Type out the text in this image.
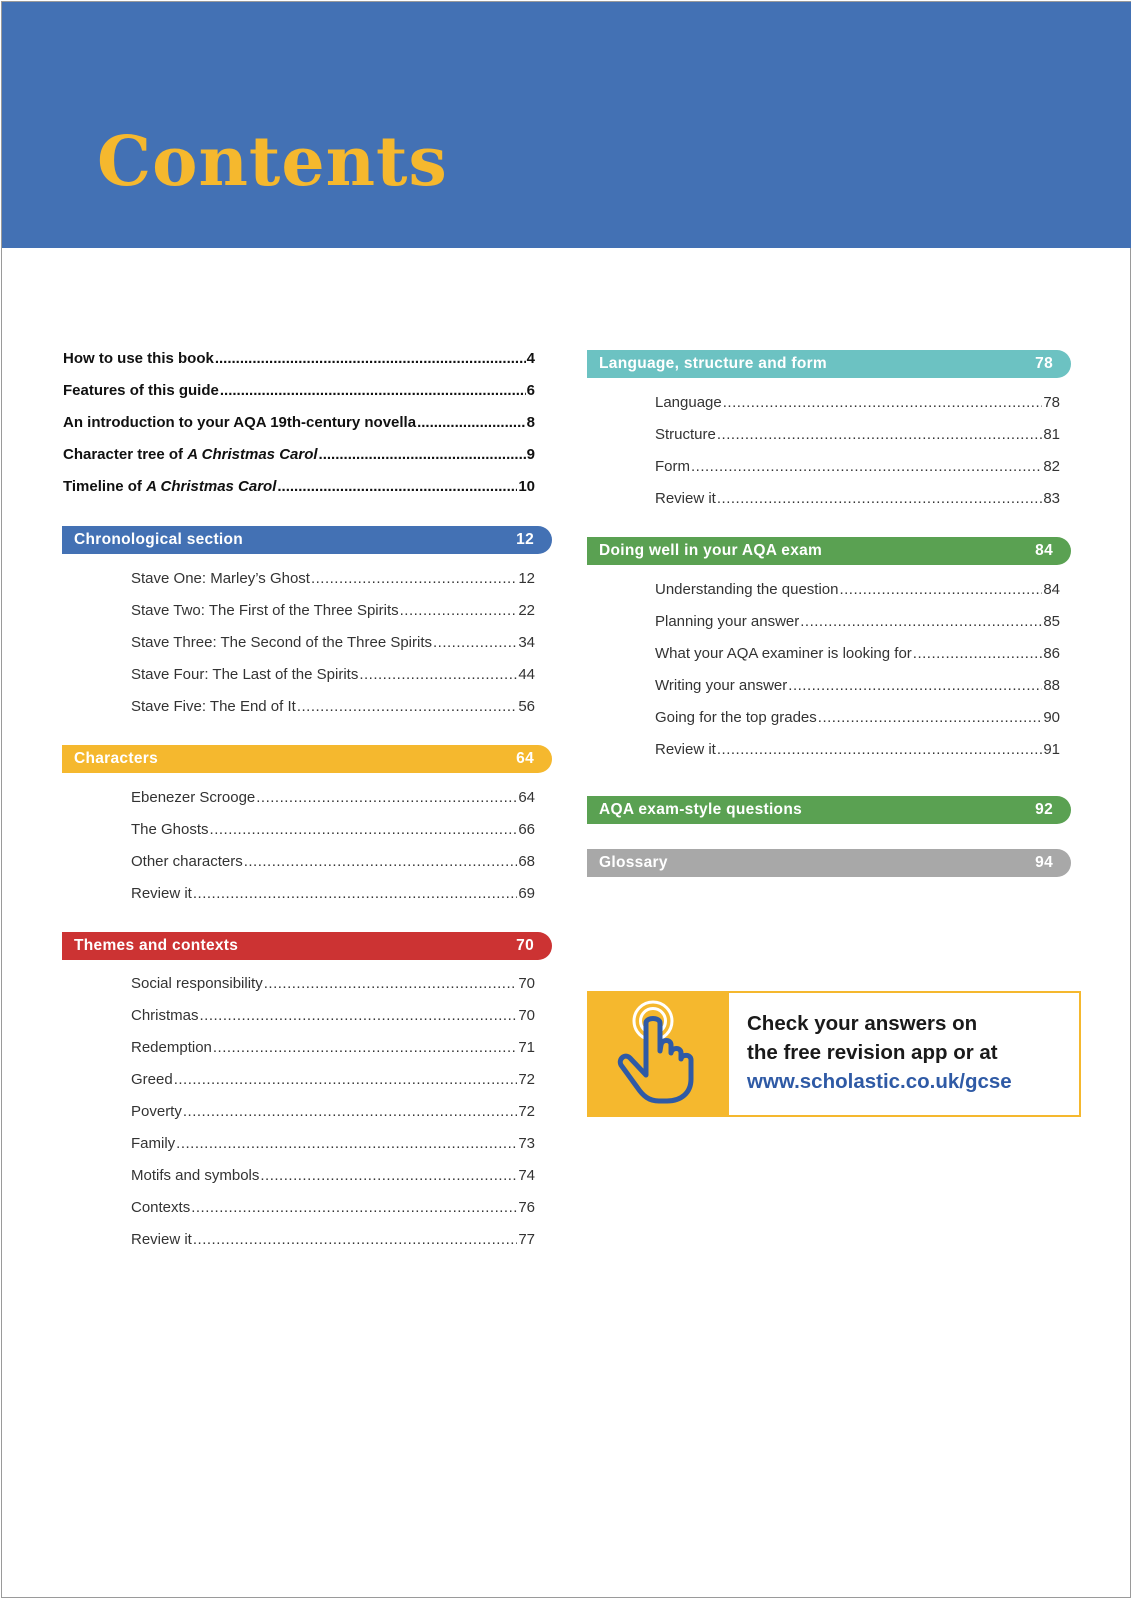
Contents
How to use this book .....	4
Features of this guide .....	6
An introduction to your AQA 19th-century novella .....	8
Character tree of A Christmas Carol .....	9
Timeline of A Christmas Carol .....	10
Chronological section	12
Stave One: Marley’s Ghost .....	12
Stave Two: The First of the Three Spirits .....	22
Stave Three: The Second of the Three Spirits .....	34
Stave Four: The Last of the Spirits .....	44
Stave Five: The End of It .....	56
Characters	64
Ebenezer Scrooge .....	64
The Ghosts .....	66
Other characters .....	68
Review it .....	69
Themes and contexts	70
Social responsibility .....	70
Christmas .....	70
Redemption .....	71
Greed .....	72
Poverty .....	72
Family .....	73
Motifs and symbols .....	74
Contexts .....	76
Review it .....	77
Language, structure and form	78
Language .....	78
Structure .....	81
Form .....	82
Review it .....	83
Doing well in your AQA exam	84
Understanding the question .....	84
Planning your answer .....	85
What your AQA examiner is looking for .....	86
Writing your answer .....	88
Going for the top grades .....	90
Review it .....	91
AQA exam-style questions	92
Glossary	94
Check your answers on
the free revision app or at
www.scholastic.co.uk/gcse
